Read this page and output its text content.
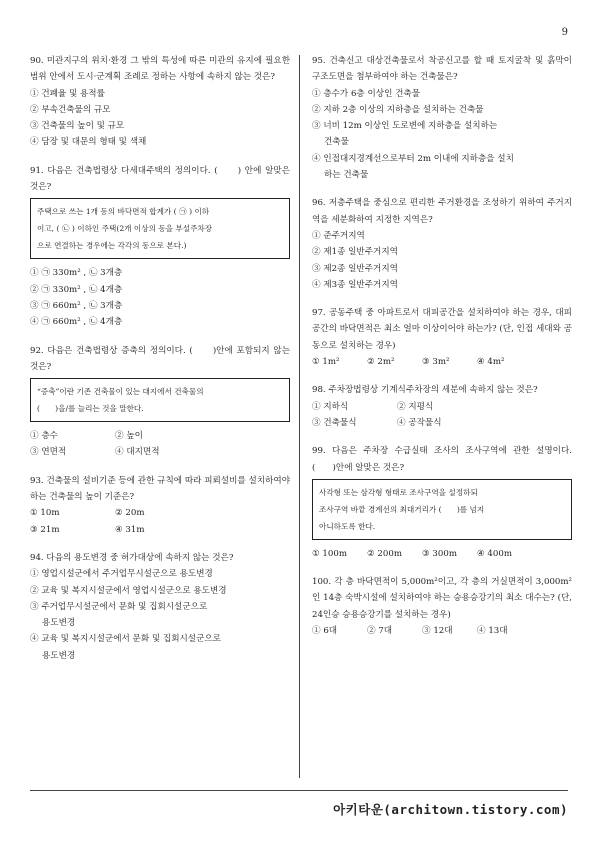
9

90. 미관지구의 위치·환경 그 밖의 특성에 따른 미관의 유지에 필요한 범위 안에서 도시·군계획 조례로 정하는 사항에 속하지 않는 것은?

① 건폐율 및 용적률

② 부속건축물의 규모

③ 건축물의 높이 및 규모

④ 담장 및 대문의 형태 및 색채

91. 다음은 건축법령상 다세대주택의 정의이다. (　　) 안에 알맞은 것은?

주택으로 쓰는 1개 동의 바닥면적 합계가 ( ㉠ ) 이하
이고, ( ㉡ ) 이하인 주택(2개 이상의 동을 부설주차장
으로 연결하는 경우에는 각각의 동으로 본다.)

① ㉠ 330m² , ㉡ 3개층

② ㉠ 330m² , ㉡ 4개층

③ ㉠ 660m² , ㉡ 3개층

④ ㉠ 660m² , ㉡ 4개층

92. 다음은 건축법령상 증축의 정의이다. (　　)안에 포함되지 않는 것은?

“증축”이란 기존 건축물이 있는 대지에서 건축물의
(　　)을/를 늘리는 것을 말한다.
① 층수	② 높이
③ 연면적	④ 대지면적

93. 건축물의 설비기준 등에 관한 규칙에 따라 피뢰설비를 설치하여야 하는 건축물의 높이 기준은?

① 10m	② 20m
③ 21m	④ 31m

94. 다음의 용도변경 중 허가대상에 속하지 않는 것은?

① 영업시설군에서 주거업무시설군으로 용도변경

② 교육 및 복지시설군에서 영업시설군으로 용도변경

③ 주거업무시설군에서 문화 및 집회시설군으로

용도변경

④ 교육 및 복지시설군에서 문화 및 집회시설군으로

용도변경

95. 건축신고 대상건축물로서 착공신고를 할 때 토지굴착 및 흙막이 구조도면을 첨부하여야 하는 건축물은?

① 층수가 6층 이상인 건축물

② 지하 2층 이상의 지하층을 설치하는 건축물

③ 너비 12m 이상인 도로변에 지하층을 설치하는

건축물

④ 인접대지경계선으로부터 2m 이내에 지하층을 설치

하는 건축물

96. 저층주택을 중심으로 편리한 주거환경을 조성하기 위하여 주거지역을 세분화하여 지정한 지역은?

① 준주거지역

② 제1종 일반주거지역

③ 제2종 일반주거지역

④ 제3종 일반주거지역

97. 공동주택 중 아파트로서 대피공간을 설치하여야 하는 경우, 대피공간의 바닥면적은 최소 얼마 이상이어야 하는가? (단, 인접 세대와 공동으로 설치하는 경우)

① 1m²	② 2m²	③ 3m²	④ 4m²

98. 주차장법령상 기계식주차장의 세분에 속하지 않는 것은?

① 지하식	② 지평식
③ 건축물식	④ 공작물식

99. 다음은 주차장 수급실태 조사의 조사구역에 관한 설명이다. (　　)안에 알맞은 것은?

사각형 또는 삼각형 형태로 조사구역을 설정하되
조사구역 바깥 경계선의 최대거리가 (　　)를 넘지
아니하도록 한다.
① 100m	② 200m	③ 300m	④ 400m

100. 각 층 바닥면적이 5,000m²이고, 각 층의 거실면적이 3,000m²인 14층 숙박시설에 설치하여야 하는 승용승강기의 최소 대수는? (단, 24인승 승용승강기를 설치하는 경우)

① 6대	② 7대	③ 12대	④ 13대
아키타운(architown.tistory.com)
